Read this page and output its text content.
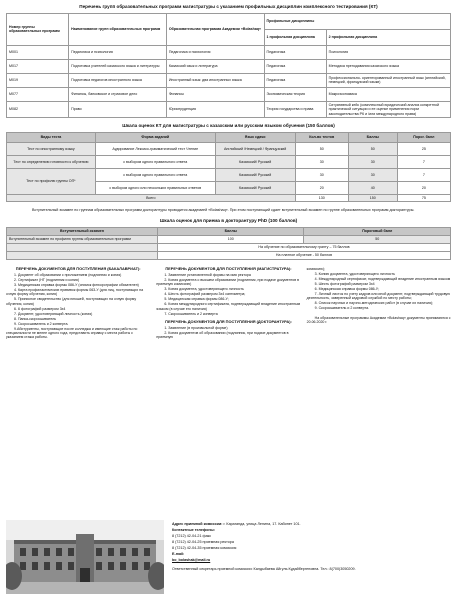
Перечень групп образовательных программ магистратуры с указанием профильных дисциплин комплексного тестирования (КТ)
Номер группы образовательных программ	Наименование групп образовательных программ	Образовательная программа Академии «Bolashaq»	Профильные дисциплины	
			1 профильная дисциплина	2 профильная дисциплина
М001	Педагогика и психология	Педагогика и психология	Педагогика	Психология
М017	Подготовка учителей казахского языка и литературы	Казахский язык и литература	Педагогика	Методика преподавания казахского языка
М019	Подготовка педагогов иностранного языка	Иностранный язык: два иностранных языка	Педагогика	Профессионально- ориентированный иностранный язык (английский, немецкий, французский языки)
М077	Финансы, банковское и страховое дело	Финансы	Экономическая теория	Макроэкономика
М082	Право	Юриспруденция	Теория государства и права	Ситуативный кейс (комплексный юридический анализ конкретной практической ситуации и ее оценке применения норм законодательства РК и /или международного права)
Шкала оценок КТ для магистратуры с казахским или русским языком обучения (150 баллов)
Виды теста	Форма заданий	Язык сдачи	Кол-во тестов	Баллы	Порог. балл
Тест по иностранному языку	Аудирование Лексико-грамматический тест Чтение	Английский /Немецкий / Французский	50	50	25
Тест по определению готовности к обучению	с выбором одного правильного ответа	Казахский/ Русский	30	30	7
Тест по профилю группы ОП*	с выбором одного правильного ответа	Казахский/ Русский	30	30	7
	с выбором одного или нескольких правильных ответов	Казахский/ Русский	20	40	20
Всего			130	150	75

Вступительный экзамен по группам образовательных программ докторантуры проводится академией «Bolashaq». При этом поступающий сдает вступительный экзамен по группе образовательных программ докторантуры.

Шкала оценок для приема в докторантуру PhD (100 баллов)
Вступительный экзамен	Баллы	Пороговый балл
Вступительный экзамен по профилю группы образовательных программ	100	50
	На обучение по образовательному гранту – 75 баллов	
	На платное обучение - 50 баллов	
ПЕРЕЧЕНЬ ДОКУМЕНТОВ ДЛЯ ПОСТУПЛЕНИЯ (БАКАЛАВРИАТ):

1. Документ об образовании с приложением (подлинник и копия)

2. Сертификат (НТ (подлинник и копия)

3. Медицинская справка формы 086-У (снимок флюорографии обязателен)

4. Карта профилактических прививок формы 063-У (для лиц, поступающих на очную форму обучения, копия)

5. Приписное свидетельство (для юношей, поступающих на очную форму обучения, копия)

6. 6 фотографий размером 3х4

7. Документ, удостоверяющий личность (копия)

8. Папка-скоросшиватель

9. Скоросшиватель и 2 конверта.

9.Абитуриенты, поступающие после колледжа и имеющие стаж работы по специальности не менее одного года, представить справку с места работы с указанием стажа работы.

ПЕРЕЧЕНЬ ДОКУМЕНТОВ ДЛЯ ПОСТУПЛЕНИЯ (МАГИСТРАТУРА):

1. Заявление установленной формы на имя ректора

2. Копия документа о высшем образовании (подлинник, при подаче документов в приемную комиссию)

3. Копия документа, удостоверяющего личность

4. Шесть фотографий размером 3х4 сантиметра;

5. Медицинская справка формы 086-У;

6. Копия международного сертификата, подтверждающий владение иностранным языком (в случае его наличия)

7. Скоросшиватель и 2 конверта

ПЕРЕЧЕНЬ ДОКУМЕНТОВ ДЛЯ ПОСТУПЛЕНИЯ (ДОКТОРАНТУРА):

1. Заявление (в произвольной форме)

2. Копия документов об образовании (подлинник, при подаче документов в приемную

комиссию);

3. Копию документа, удостоверяющего личность

4. Международный сертификат, подтверждающий владение иностранным языком

5. Шесть фотографий размером 3х4

6. Медицинская справка формы 086-У;

7. Личный листок по учету кадров или иной документ, подтверждающий трудовую деятельность, заверенный кадровой службой по месту работы;

8. Список научных и научно-методических работ (в случае их наличия);

9. Скоросшиватель и 2 конверта.

На образовательные программы Академии «Bolashaq» документы принимаются с 20.06.2020 г.

Адрес приемной комиссии: г. Караганда, улица Ленина, 17. Кабинет 101.

Контактные телефоны:

8 (7212) 42-04-21 факс

8 (7212) 42-04-25 приемная ректора

8 (7212) 42-04-35 приемная комиссия

E-mail:

bo_bolashak@mail.ru

Ответственный секретарь приемной комиссии: Калдыбаева Айгуль Кудайбергеновна. Тел.: 8(700)3050209.
